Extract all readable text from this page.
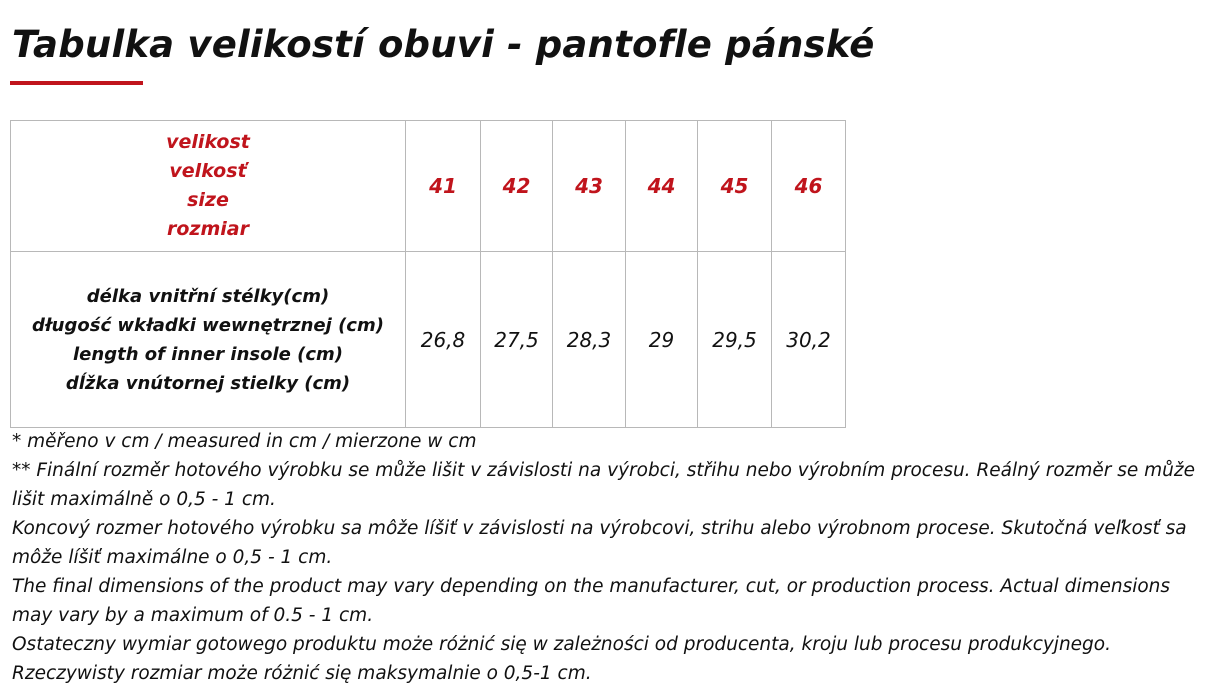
Tabulka velikostí obuvi - pantofle pánské
velikost
velkosť
size
rozmiar	41	42	43	44	45	46

délka vnitřní stélky(cm)
długość wkładki wewnętrznej (cm)
length of inner insole (cm)
dĺžka vnútornej stielky (cm)	26,8	27,5	28,3	29	29,5	30,2

* měřeno v cm / measured in cm / mierzone w cm

** Finální rozměr hotového výrobku se může lišit v závislosti na výrobci, střihu nebo výrobním procesu. Reálný rozměr se může lišit maximálně o 0,5 - 1 cm.

Koncový rozmer hotového výrobku sa môže líšiť v závislosti na výrobcovi, strihu alebo výrobnom procese. Skutočná veľkosť sa môže líšiť maximálne o 0,5 - 1 cm.

The final dimensions of the product may vary depending on the manufacturer, cut, or production process. Actual dimensions may vary by a maximum of 0.5 - 1 cm.

Ostateczny wymiar gotowego produktu może różnić się w zależności od producenta, kroju lub procesu produkcyjnego. Rzeczywisty rozmiar może różnić się maksymalnie o 0,5-1 cm.
